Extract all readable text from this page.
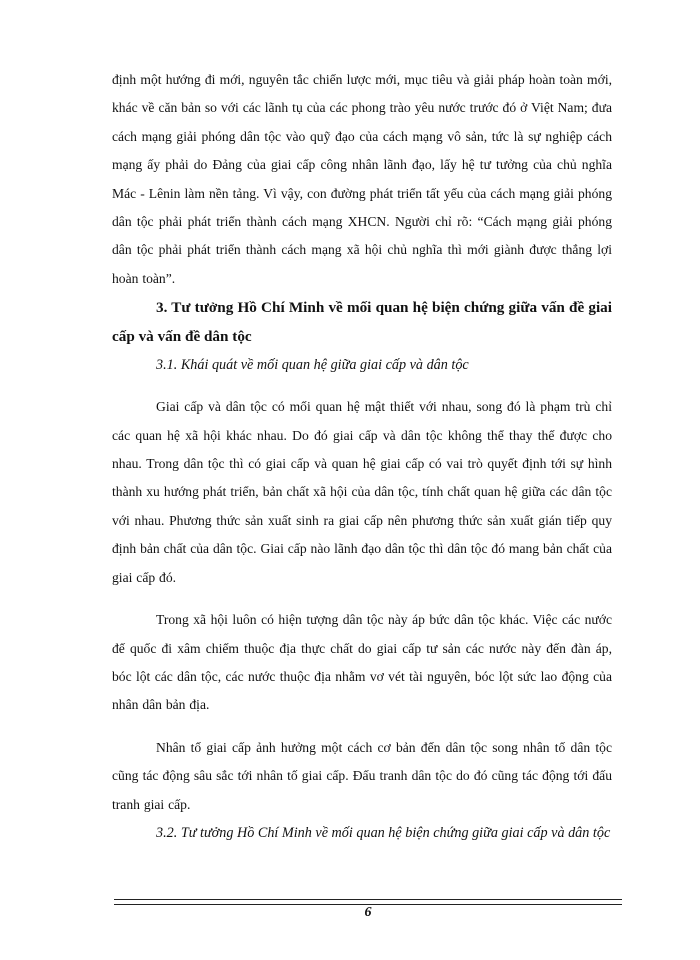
định một hướng đi mới, nguyên tắc chiến lược mới, mục tiêu và giải pháp hoàn toàn mới, khác về căn bản so với các lãnh tụ của các phong trào yêu nước trước đó ở Việt Nam; đưa cách mạng giải phóng dân tộc vào quỹ đạo của cách mạng vô sản, tức là sự nghiệp cách mạng ấy phải do Đảng của giai cấp công nhân lãnh đạo, lấy hệ tư tưởng của chủ nghĩa Mác - Lênin làm nền tảng. Vì vậy, con đường phát triển tất yếu của cách mạng giải phóng dân tộc phải phát triển thành cách mạng XHCN. Người chỉ rõ: “Cách mạng giải phóng dân tộc phải phát triển thành cách mạng xã hội chủ nghĩa thì mới giành được thắng lợi hoàn toàn”.

3. Tư tưởng Hồ Chí Minh về mối quan hệ biện chứng giữa vấn đề giai cấp và vấn đề dân tộc

3.1. Khái quát về mối quan hệ giữa giai cấp và dân tộc

Giai cấp và dân tộc có mối quan hệ mật thiết với nhau, song đó là phạm trù chỉ các quan hệ xã hội khác nhau. Do đó giai cấp và dân tộc không thể thay thế được cho nhau. Trong dân tộc thì có giai cấp và quan hệ giai cấp có vai trò quyết định tới sự hình thành xu hướng phát triển, bản chất xã hội của dân tộc, tính chất quan hệ giữa các dân tộc với nhau. Phương thức sản xuất sinh ra giai cấp nên phương thức sản xuất gián tiếp quy định bản chất của dân tộc. Giai cấp nào lãnh đạo dân tộc thì dân tộc đó mang bản chất của giai cấp đó.

Trong xã hội luôn có hiện tượng dân tộc này áp bức dân tộc khác. Việc các nước đế quốc đi xâm chiếm thuộc địa thực chất do giai cấp tư sản các nước này đến đàn áp, bóc lột các dân tộc, các nước thuộc địa nhằm vơ vét tài nguyên, bóc lột sức lao động của nhân dân bản địa.

Nhân tố giai cấp ảnh hưởng một cách cơ bản đến dân tộc song nhân tố dân tộc cũng tác động sâu sắc tới nhân tố giai cấp. Đấu tranh dân tộc do đó cũng tác động tới đấu tranh giai cấp.

3.2. Tư tưởng Hồ Chí Minh về mối quan hệ biện chứng giữa giai cấp và dân tộc

6
